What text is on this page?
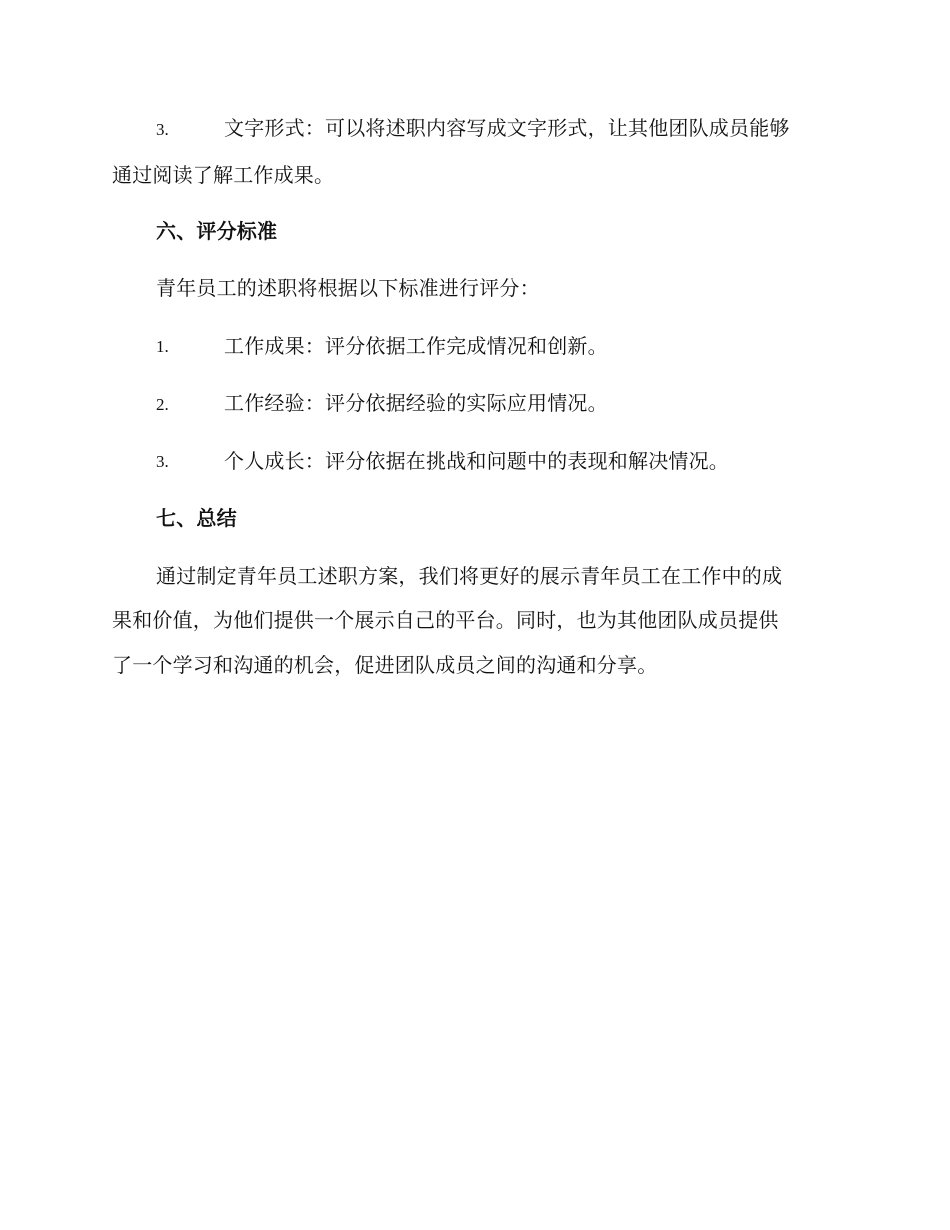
3.	文字形式：可以将述职内容写成文字形式，让其他团队成员能够
通过阅读了解工作成果。
六、评分标准
青年员工的述职将根据以下标准进行评分：
1.	工作成果：评分依据工作完成情况和创新。
2.	工作经验：评分依据经验的实际应用情况。
3.	个人成长：评分依据在挑战和问题中的表现和解决情况。
七、总结
通过制定青年员工述职方案，我们将更好的展示青年员工在工作中的成
果和价值，为他们提供一个展示自己的平台。同时，也为其他团队成员提供
了一个学习和沟通的机会，促进团队成员之间的沟通和分享。
